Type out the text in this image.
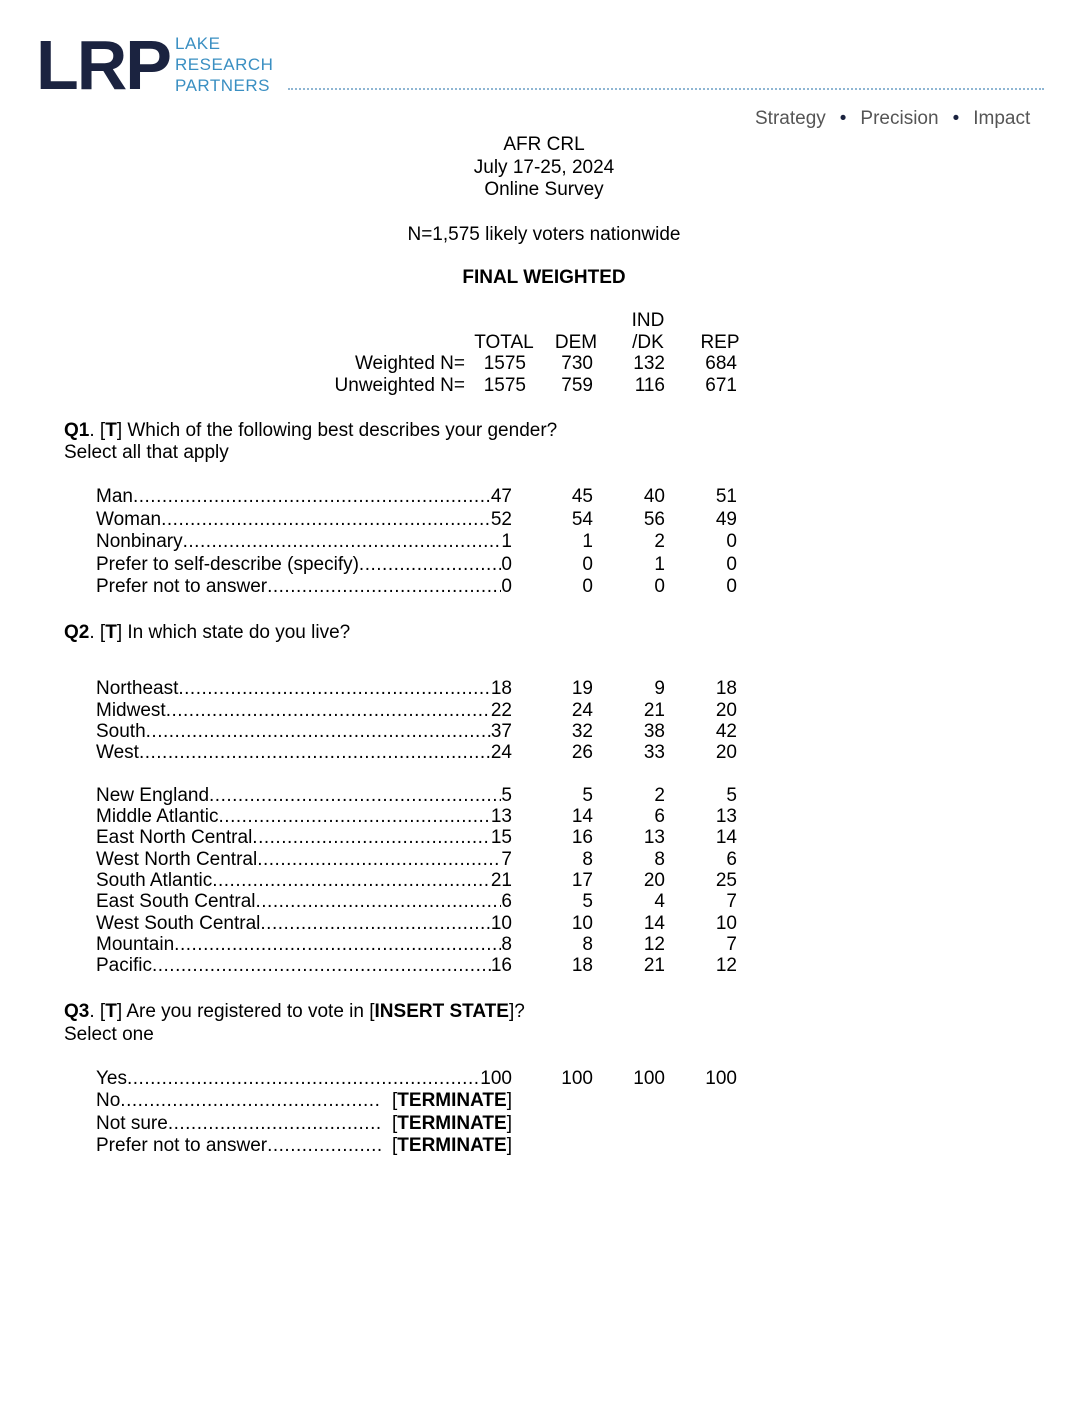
LRP LAKE
RESEARCH
PARTNERS
Strategy • Precision • Impact
AFR CRL
July 17-25, 2024
Online Survey
N=1,575 likely voters nationwide
FINAL WEIGHTED
IND
TOTAL	DEM	/DK	REP
Weighted N= 1575	730	132	684
Unweighted N= 1575	759	116	671
Q1. [T] Which of the following best describes your gender?
Select all that apply
Man .....	47	45	40	51
Woman .....	52	54	56	49
Nonbinary .....	1	1	2	0
Prefer to self-describe (specify) .....	0	0	1	0
Prefer not to answer .....	0	0	0	0
Q2. [T] In which state do you live?
Northeast .....	18	19	9	18
Midwest .....	22	24	21	20
South .....	37	32	38	42
West .....	24	26	33	20
New England .....	5	5	2	5
Middle Atlantic .....	13	14	6	13
East North Central .....	15	16	13	14
West North Central .....	7	8	8	6
South Atlantic .....	21	17	20	25
East South Central .....	6	5	4	7
West South Central .....	10	10	14	10
Mountain .....	8	8	12	7
Pacific .....	16	18	21	12
Q3. [T] Are you registered to vote in [INSERT STATE]?
Select one
Yes .....	100	100	100	100
No .....	[TERMINATE]
Not sure .....	[TERMINATE]
Prefer not to answer .....	[TERMINATE]
